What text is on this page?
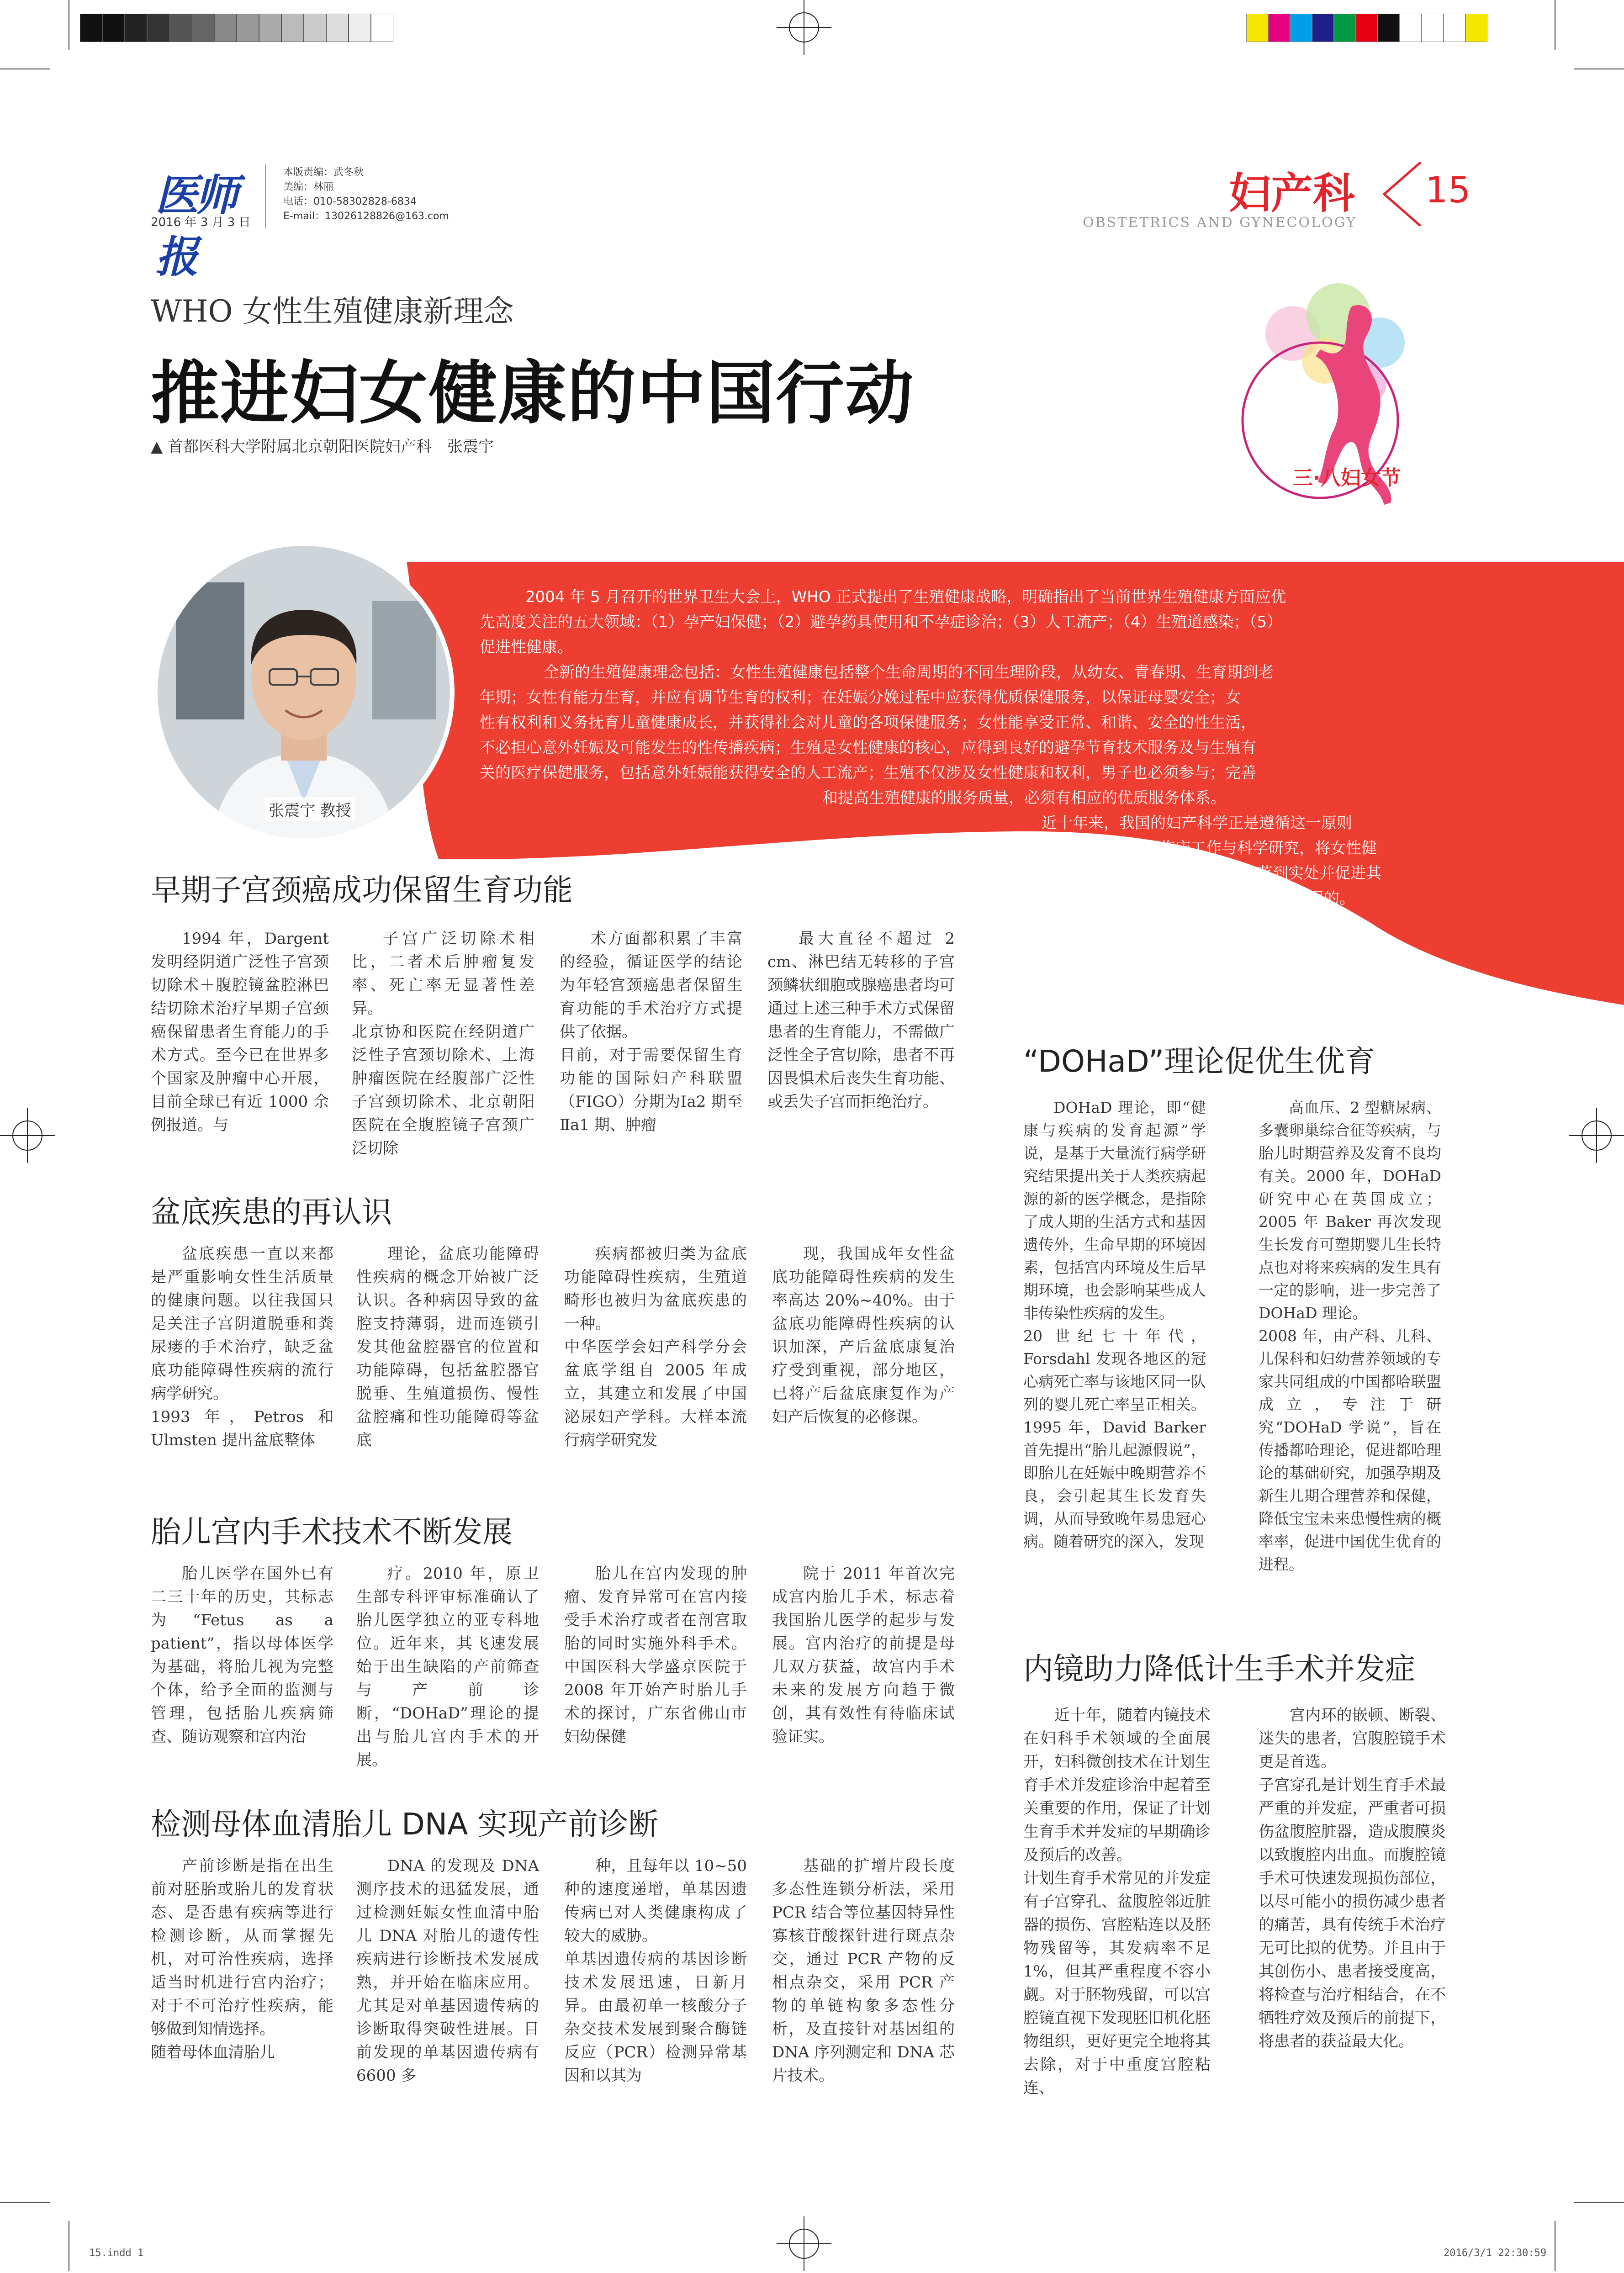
医师报
2016 年 3 月 3 日
本版责编：武冬秋
美编：林丽
电话：010-58302828-6834
E-mail：13026128826@163.com	妇产科
OBSTETRICS AND GYNECOLOGY
15
WHO 女性生殖健康新理念
推进妇女健康的中国行动
▲ 首都医科大学附属北京朝阳医院妇产科　张震宇
三·八妇女节
2004 年 5 月召开的世界卫生大会上，WHO 正式提出了生殖健康战略，明确指出了当前世界生殖健康方面应优
先高度关注的五大领域：（1）孕产妇保健；（2）避孕药具使用和不孕症诊治；（3）人工流产；（4）生殖道感染；（5）
促进性健康。
全新的生殖健康理念包括：女性生殖健康包括整个生命周期的不同生理阶段，从幼女、青春期、生育期到老
年期；女性有能力生育，并应有调节生育的权利；在妊娠分娩过程中应获得优质保健服务，以保证母婴安全；女
性有权利和义务抚育儿童健康成长，并获得社会对儿童的各项保健服务；女性能享受正常、和谐、安全的性生活，
不必担心意外妊娠及可能发生的性传播疾病；生殖是女性健康的核心，应得到良好的避孕节育技术服务及与生殖有
关的医疗保健服务，包括意外妊娠能获得安全的人工流产；生殖不仅涉及女性健康和权利，男子也必须参与；完善
和提高生殖健康的服务质量，必须有相应的优质服务体系。
近十年来，我国的妇产科学正是遵循这一原则
开展临床工作与科学研究，将女性健
康事业落到实处并促进其
发展的。
张震宇 教授
早期子宫颈癌成功保留生育功能

1994 年，Dargent 发明经阴道广泛性子宫颈切除术＋腹腔镜盆腔淋巴结切除术治疗早期子宫颈癌保留患者生育能力的手术方式。至今已在世界多个国家及肿瘤中心开展，目前全球已有近 1000 余例报道。与

子宫广泛切除术相比，二者术后肿瘤复发率、死亡率无显著性差异。
北京协和医院在经阴道广泛性子宫颈切除术、上海肿瘤医院在经腹部广泛性子宫颈切除术、北京朝阳医院在全腹腔镜子宫颈广泛切除

术方面都积累了丰富的经验，循证医学的结论为年轻宫颈癌患者保留生育功能的手术治疗方式提供了依据。
目前，对于需要保留生育功能的国际妇产科联盟（FIGO）分期为Ⅰa2 期至Ⅱa1 期、肿瘤

最大直径不超过 2 cm、淋巴结无转移的子宫颈鳞状细胞或腺癌患者均可通过上述三种手术方式保留患者的生育能力，不需做广泛性全子宫切除，患者不再因畏惧术后丧失生育功能、或丢失子宫而拒绝治疗。

盆底疾患的再认识

盆底疾患一直以来都是严重影响女性生活质量的健康问题。以往我国只是关注子宫阴道脱垂和粪尿瘘的手术治疗，缺乏盆底功能障碍性疾病的流行病学研究。
1993 年，Petros 和 Ulmsten 提出盆底整体

理论，盆底功能障碍性疾病的概念开始被广泛认识。各种病因导致的盆腔支持薄弱，进而连锁引发其他盆腔器官的位置和功能障碍，包括盆腔器官脱垂、生殖道损伤、慢性盆腔痛和性功能障碍等盆底

疾病都被归类为盆底功能障碍性疾病，生殖道畸形也被归为盆底疾患的一种。
中华医学会妇产科学分会盆底学组自 2005 年成立，其建立和发展了中国泌尿妇产学科。大样本流行病学研究发

现，我国成年女性盆底功能障碍性疾病的发生率高达 20%~40%。由于盆底功能障碍性疾病的认识加深，产后盆底康复治疗受到重视，部分地区，已将产后盆底康复作为产妇产后恢复的必修课。

胎儿宫内手术技术不断发展

胎儿医学在国外已有二三十年的历史，其标志为“Fetus as a patient”，指以母体医学为基础，将胎儿视为完整个体，给予全面的监测与管理，包括胎儿疾病筛查、随访观察和宫内治

疗。2010 年，原卫生部专科评审标准确认了胎儿医学独立的亚专科地位。近年来，其飞速发展始于出生缺陷的产前筛查与产前诊断，“DOHaD”理论的提出与胎儿宫内手术的开展。

胎儿在宫内发现的肿瘤、发育异常可在宫内接受手术治疗或者在剖宫取胎的同时实施外科手术。中国医科大学盛京医院于 2008 年开始产时胎儿手术的探讨，广东省佛山市妇幼保健

院于 2011 年首次完成宫内胎儿手术，标志着我国胎儿医学的起步与发展。宫内治疗的前提是母儿双方获益，故宫内手术未来的发展方向趋于微创，其有效性有待临床试验证实。

检测母体血清胎儿 DNA 实现产前诊断

产前诊断是指在出生前对胚胎或胎儿的发育状态、是否患有疾病等进行检测诊断，从而掌握先机，对可治性疾病，选择适当时机进行宫内治疗；对于不可治疗性疾病，能够做到知情选择。
随着母体血清胎儿

DNA 的发现及 DNA 测序技术的迅猛发展，通过检测妊娠女性血清中胎儿 DNA 对胎儿的遗传性疾病进行诊断技术发展成熟，并开始在临床应用。尤其是对单基因遗传病的诊断取得突破性进展。目前发现的单基因遗传病有 6600 多

种，且每年以 10~50 种的速度递增，单基因遗传病已对人类健康构成了较大的威胁。
单基因遗传病的基因诊断技术发展迅速，日新月异。由最初单一核酸分子杂交技术发展到聚合酶链反应（PCR）检测异常基因和以其为

基础的扩增片段长度多态性连锁分析法，采用 PCR 结合等位基因特异性寡核苷酸探针进行斑点杂交，通过 PCR 产物的反相点杂交，采用 PCR 产物的单链构象多态性分析，及直接针对基因组的 DNA 序列测定和 DNA 芯片技术。

“DOHaD”理论促优生优育

DOHaD 理论，即“健康与疾病的发育起源”学说，是基于大量流行病学研究结果提出关于人类疾病起源的新的医学概念，是指除了成人期的生活方式和基因遗传外，生命早期的环境因素，包括宫内环境及生后早期环境，也会影响某些成人非传染性疾病的发生。
20 世纪七十年代，Forsdahl 发现各地区的冠心病死亡率与该地区同一队列的婴儿死亡率呈正相关。1995 年，David Barker 首先提出“胎儿起源假说”，即胎儿在妊娠中晚期营养不良，会引起其生长发育失调，从而导致晚年易患冠心病。随着研究的深入，发现

高血压、2 型糖尿病、多囊卵巢综合征等疾病，与胎儿时期营养及发育不良均有关。2000 年，DOHaD 研究中心在英国成立；2005 年 Baker 再次发现生长发育可塑期婴儿生长特点也对将来疾病的发生具有一定的影响，进一步完善了 DOHaD 理论。
2008 年，由产科、儿科、儿保科和妇幼营养领域的专家共同组成的中国都哈联盟成立，专注于研究“DOHaD 学说”，旨在传播都哈理论，促进都哈理论的基础研究，加强孕期及新生儿期合理营养和保健，降低宝宝未来患慢性病的概率率，促进中国优生优育的进程。

内镜助力降低计生手术并发症

近十年，随着内镜技术在妇科手术领域的全面展开，妇科微创技术在计划生育手术并发症诊治中起着至关重要的作用，保证了计划生育手术并发症的早期确诊及预后的改善。
计划生育手术常见的并发症有子宫穿孔、盆腹腔邻近脏器的损伤、宫腔粘连以及胚物残留等，其发病率不足 1%，但其严重程度不容小觑。对于胚物残留，可以宫腔镜直视下发现胚旧机化胚物组织，更好更完全地将其去除，对于中重度宫腔粘连、

宫内环的嵌顿、断裂、迷失的患者，宫腹腔镜手术更是首选。
子宫穿孔是计划生育手术最严重的并发症，严重者可损伤盆腹腔脏器，造成腹膜炎以致腹腔内出血。而腹腔镜手术可快速发现损伤部位，以尽可能小的损伤减少患者的痛苦，具有传统手术治疗无可比拟的优势。并且由于其创伤小、患者接受度高，将检查与治疗相结合，在不牺牲疗效及预后的前提下，将患者的获益最大化。

15.indd 1	2016/3/1 22:30:59
